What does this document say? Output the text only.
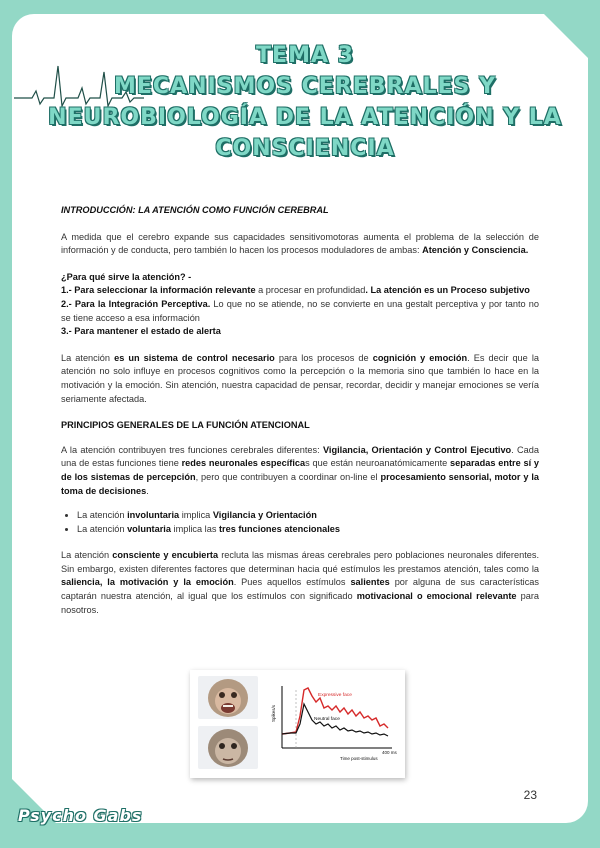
TEMA 3
MECANISMOS CEREBRALES Y
NEUROBIOLOGÍA DE LA ATENCIÓN Y LA
CONSCIENCIA

INTRODUCCIÓN: LA ATENCIÓN COMO FUNCIÓN CEREBRAL

A medida que el cerebro expande sus capacidades sensitivomotoras aumenta el problema de la selección de información y de conducta, pero también lo hacen los procesos moduladores de ambas: Atención y Consciencia.

¿Para qué sirve la atención? -

1.- Para seleccionar la información relevante a procesar en profundidad. La atención es un Proceso subjetivo

2.- Para la Integración Perceptiva. Lo que no se atiende, no se convierte en una gestalt perceptiva y por tanto no se tiene acceso a esa información

3.- Para mantener el estado de alerta

La atención es un sistema de control necesario para los procesos de cognición y emoción. Es decir que la atención no solo influye en procesos cognitivos como la percepción o la memoria sino que también lo hace en la motivación y la emoción. Sin atención, nuestra capacidad de pensar, recordar, decidir y manejar emociones se vería seriamente afectada.

PRINCIPIOS GENERALES DE LA FUNCIÓN ATENCIONAL

A la atención contribuyen tres funciones cerebrales diferentes: Vigilancia, Orientación y Control Ejecutivo. Cada una de estas funciones tiene redes neuronales específicas que están neuroanatómicamente separadas entre sí y de los sistemas de percepción, pero que contribuyen a coordinar on-line el procesamiento sensorial, motor y la toma de decisiones.

• La atención involuntaria implica Vigilancia y Orientación
• La atención voluntaria implica las tres funciones atencionales

La atención consciente y encubierta recluta las mismas áreas cerebrales pero poblaciones neuronales diferentes. Sin embargo, existen diferentes factores que determinan hacia qué estímulos les prestamos atención, tales como la saliencia, la motivación y la emoción. Pues aquellos estímulos salientes por alguna de sus características captarán nuestra atención, al igual que los estímulos con significado motivacional o emocional relevante para nosotros.

Expressive face
Neutral face
Spikes/s
Time post-stimulus
400 ms
23
Psycho Gabs
